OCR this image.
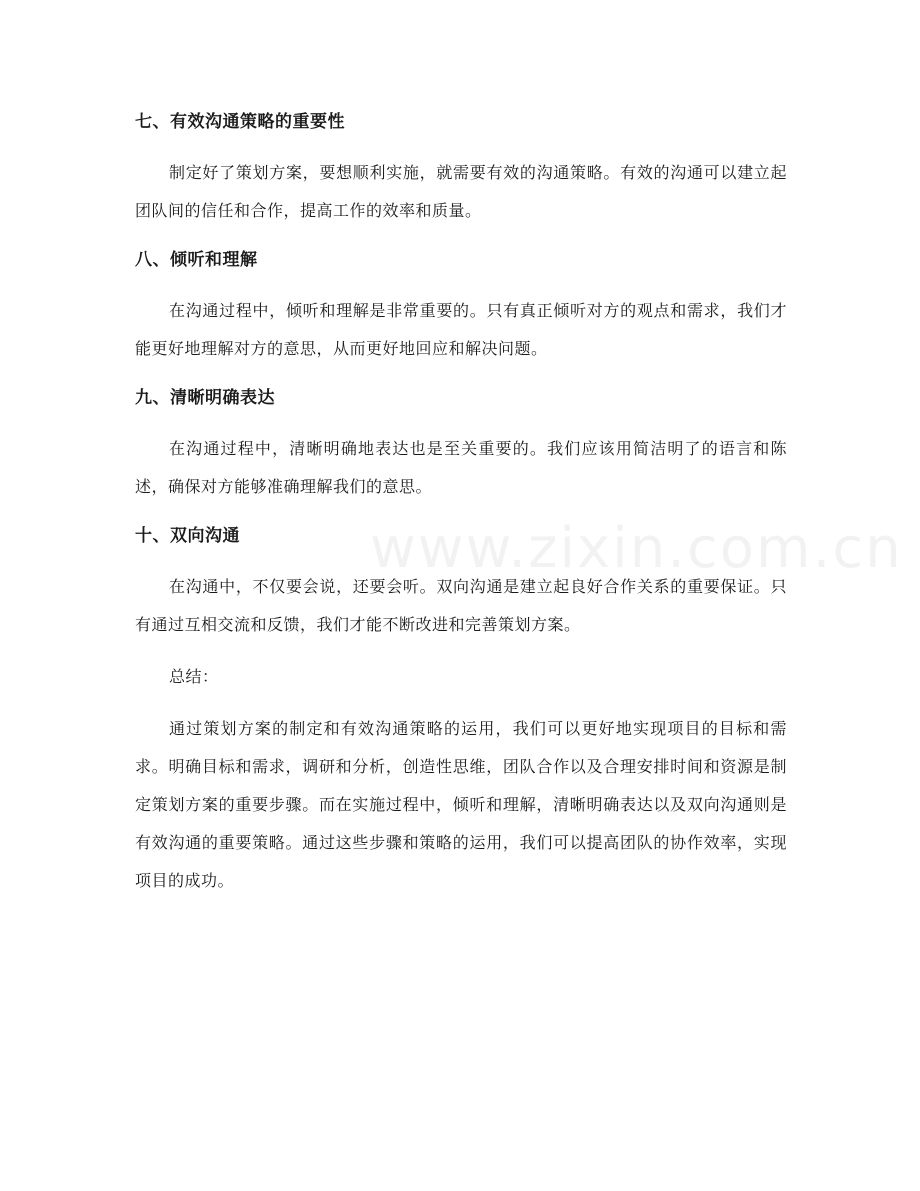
www.zixin.com.cn
七、有效沟通策略的重要性

制定好了策划方案，要想顺利实施，就需要有效的沟通策略。有效的沟通可以建立起团队间的信任和合作，提高工作的效率和质量。

八、倾听和理解

在沟通过程中，倾听和理解是非常重要的。只有真正倾听对方的观点和需求，我们才能更好地理解对方的意思，从而更好地回应和解决问题。

九、清晰明确表达

在沟通过程中，清晰明确地表达也是至关重要的。我们应该用简洁明了的语言和陈述，确保对方能够准确理解我们的意思。

十、双向沟通

在沟通中，不仅要会说，还要会听。双向沟通是建立起良好合作关系的重要保证。只有通过互相交流和反馈，我们才能不断改进和完善策划方案。

总结：

通过策划方案的制定和有效沟通策略的运用，我们可以更好地实现项目的目标和需求。明确目标和需求，调研和分析，创造性思维，团队合作以及合理安排时间和资源是制定策划方案的重要步骤。而在实施过程中，倾听和理解，清晰明确表达以及双向沟通则是有效沟通的重要策略。通过这些步骤和策略的运用，我们可以提高团队的协作效率，实现项目的成功。
